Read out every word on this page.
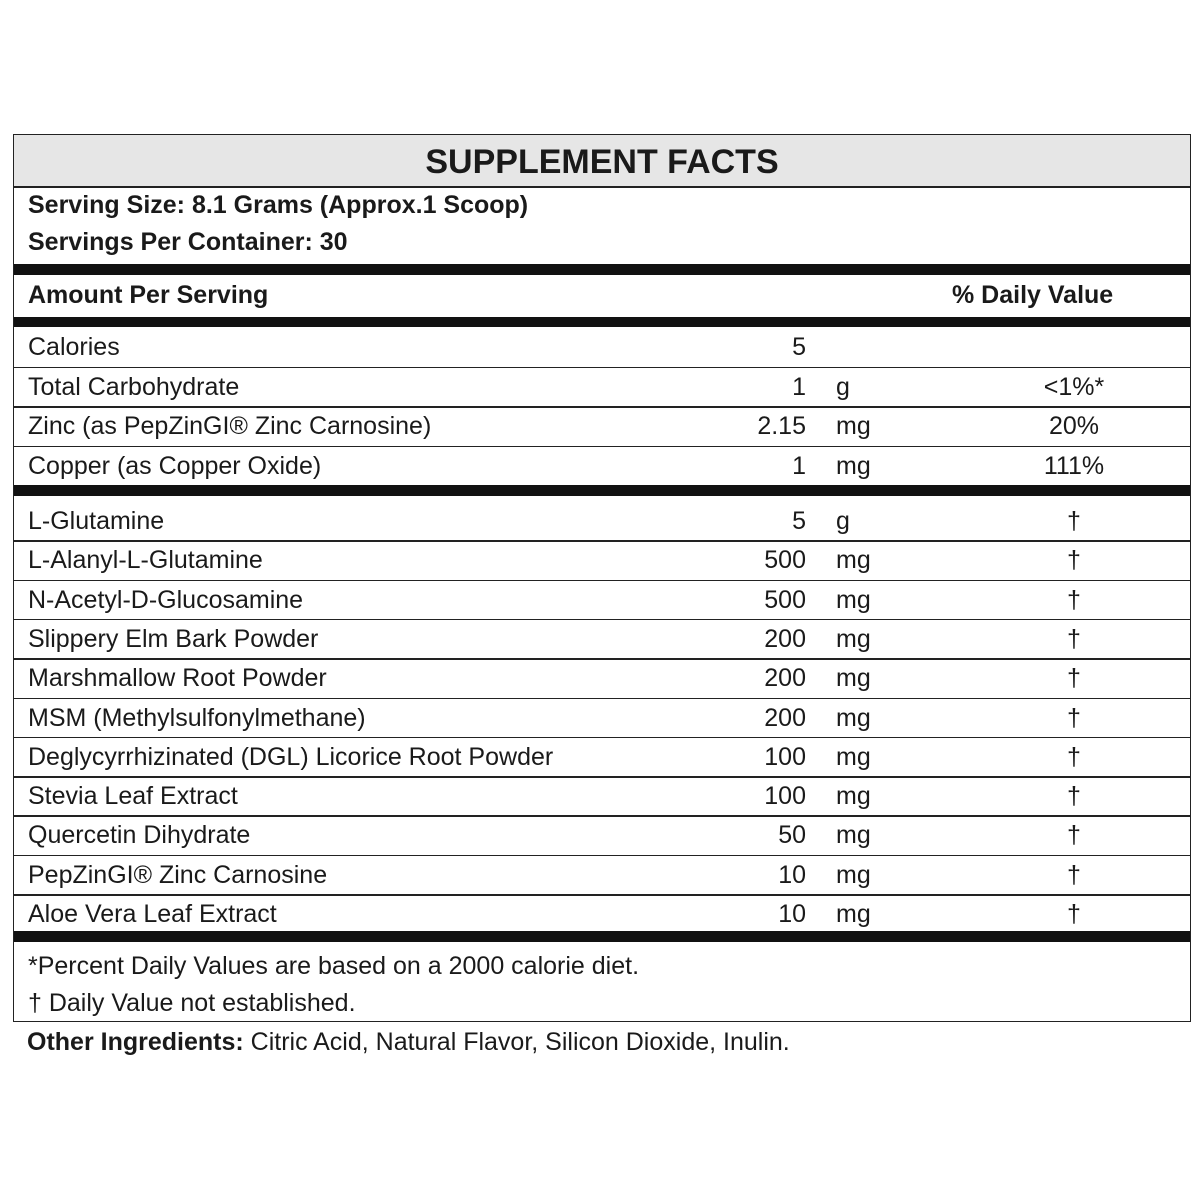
SUPPLEMENT FACTS
Serving Size: 8.1 Grams (Approx.1 Scoop)
Servings Per Container: 30
Amount Per Serving	% Daily Value
Calories	5
Total Carbohydrate	1 g	<1%*
Zinc (as PepZinGI® Zinc Carnosine)	2.15 mg	20%
Copper (as Copper Oxide)	1 mg	111%
L-Glutamine	5 g	†
L-Alanyl-L-Glutamine	500 mg	†
N-Acetyl-D-Glucosamine	500 mg	†
Slippery Elm Bark Powder	200 mg	†
Marshmallow Root Powder	200 mg	†
MSM (Methylsulfonylmethane)	200 mg	†
Deglycyrrhizinated (DGL) Licorice Root Powder	100 mg	†
Stevia Leaf Extract	100 mg	†
Quercetin Dihydrate	50 mg	†
PepZinGI® Zinc Carnosine	10 mg	†
Aloe Vera Leaf Extract	10 mg	†
*Percent Daily Values are based on a 2000 calorie diet.
† Daily Value not established.
Other Ingredients: Citric Acid, Natural Flavor, Silicon Dioxide, Inulin.
